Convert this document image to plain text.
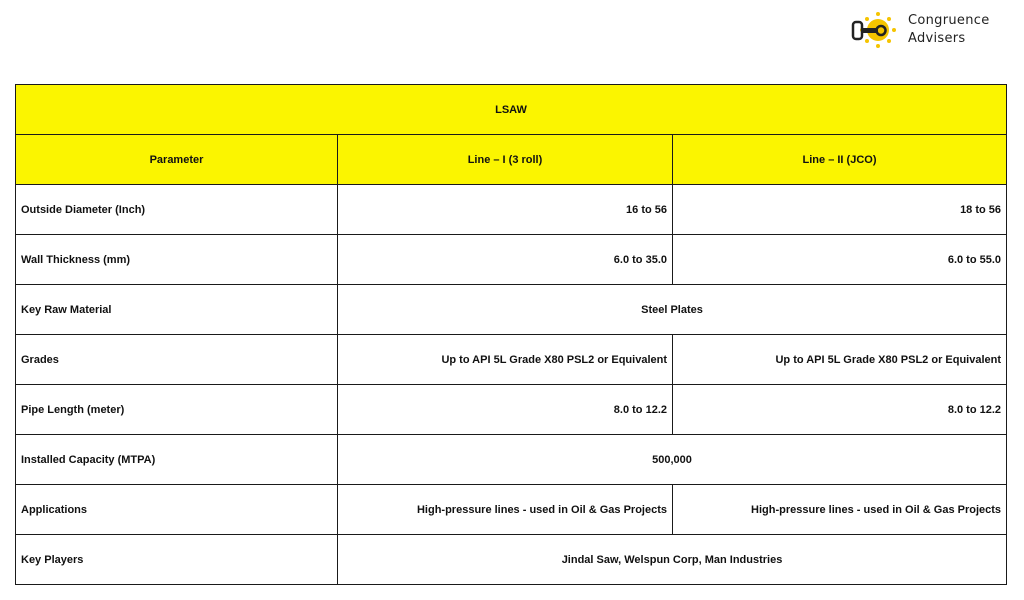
Congruence
Advisers
LSAW		
Parameter	Line – I (3 roll)	Line – II (JCO)
Outside Diameter (Inch)	16 to 56	18 to 56
Wall Thickness (mm)	6.0 to 35.0	6.0 to 55.0
Key Raw Material	Steel Plates	
Grades	Up to API 5L Grade X80 PSL2 or Equivalent	Up to API 5L Grade X80 PSL2 or Equivalent
Pipe Length (meter)	8.0 to 12.2	8.0 to 12.2
Installed Capacity (MTPA)	500,000	
Applications	High-pressure lines - used in Oil & Gas Projects	High-pressure lines - used in Oil & Gas Projects
Key Players	Jindal Saw, Welspun Corp, Man Industries	
